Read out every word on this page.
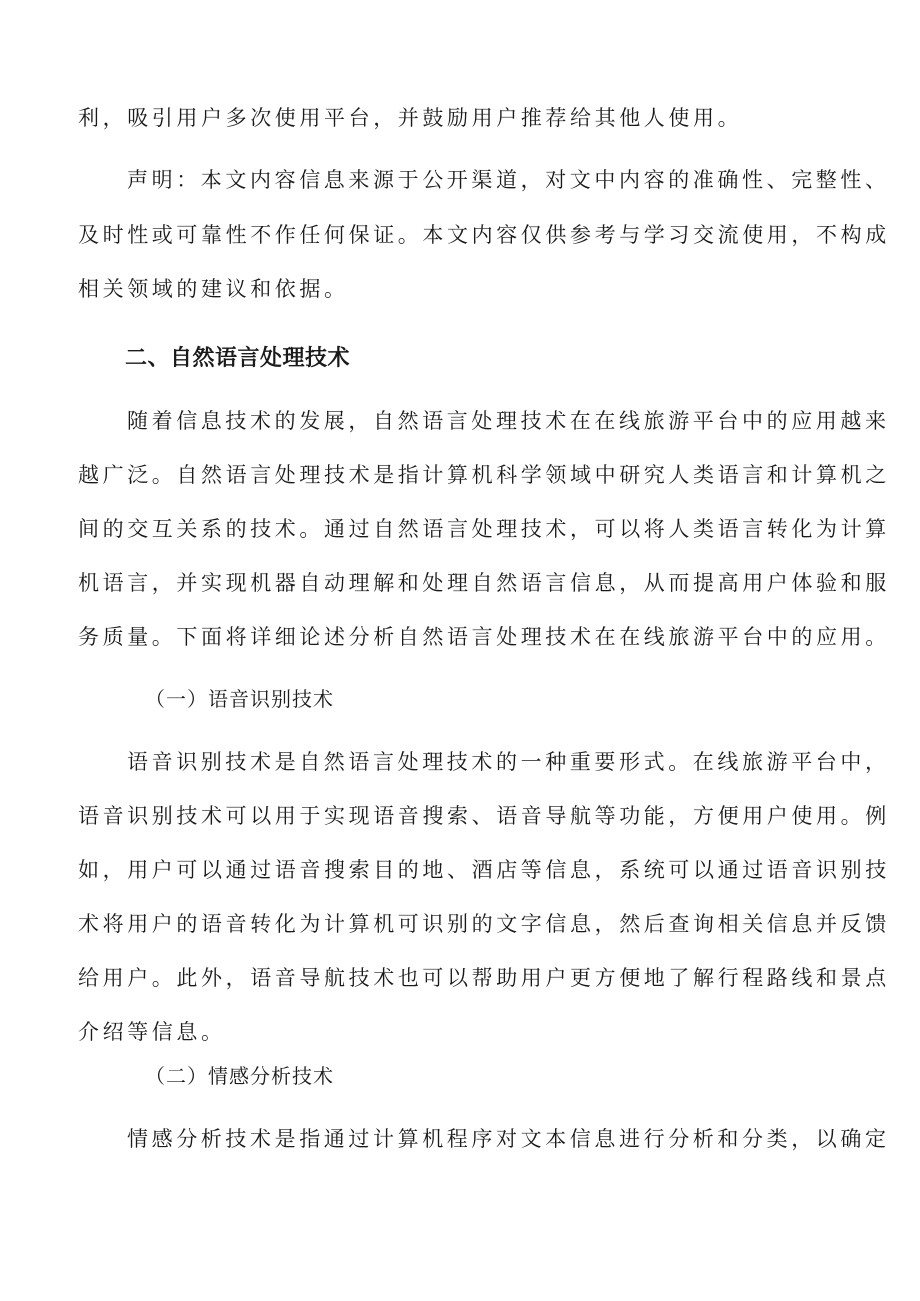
利，吸引用户多次使用平台，并鼓励用户推荐给其他人使用。
声明：本文内容信息来源于公开渠道，对文中内容的准确性、完整性、
及时性或可靠性不作任何保证。本文内容仅供参考与学习交流使用，不构成
相关领域的建议和依据。
二、自然语言处理技术
随着信息技术的发展，自然语言处理技术在在线旅游平台中的应用越来
越广泛。自然语言处理技术是指计算机科学领域中研究人类语言和计算机之
间的交互关系的技术。通过自然语言处理技术，可以将人类语言转化为计算
机语言，并实现机器自动理解和处理自然语言信息，从而提高用户体验和服
务质量。下面将详细论述分析自然语言处理技术在在线旅游平台中的应用。
（一）语音识别技术
语音识别技术是自然语言处理技术的一种重要形式。在线旅游平台中，
语音识别技术可以用于实现语音搜索、语音导航等功能，方便用户使用。例
如，用户可以通过语音搜索目的地、酒店等信息，系统可以通过语音识别技
术将用户的语音转化为计算机可识别的文字信息，然后查询相关信息并反馈
给用户。此外，语音导航技术也可以帮助用户更方便地了解行程路线和景点
介绍等信息。
（二）情感分析技术
情感分析技术是指通过计算机程序对文本信息进行分析和分类，以确定
